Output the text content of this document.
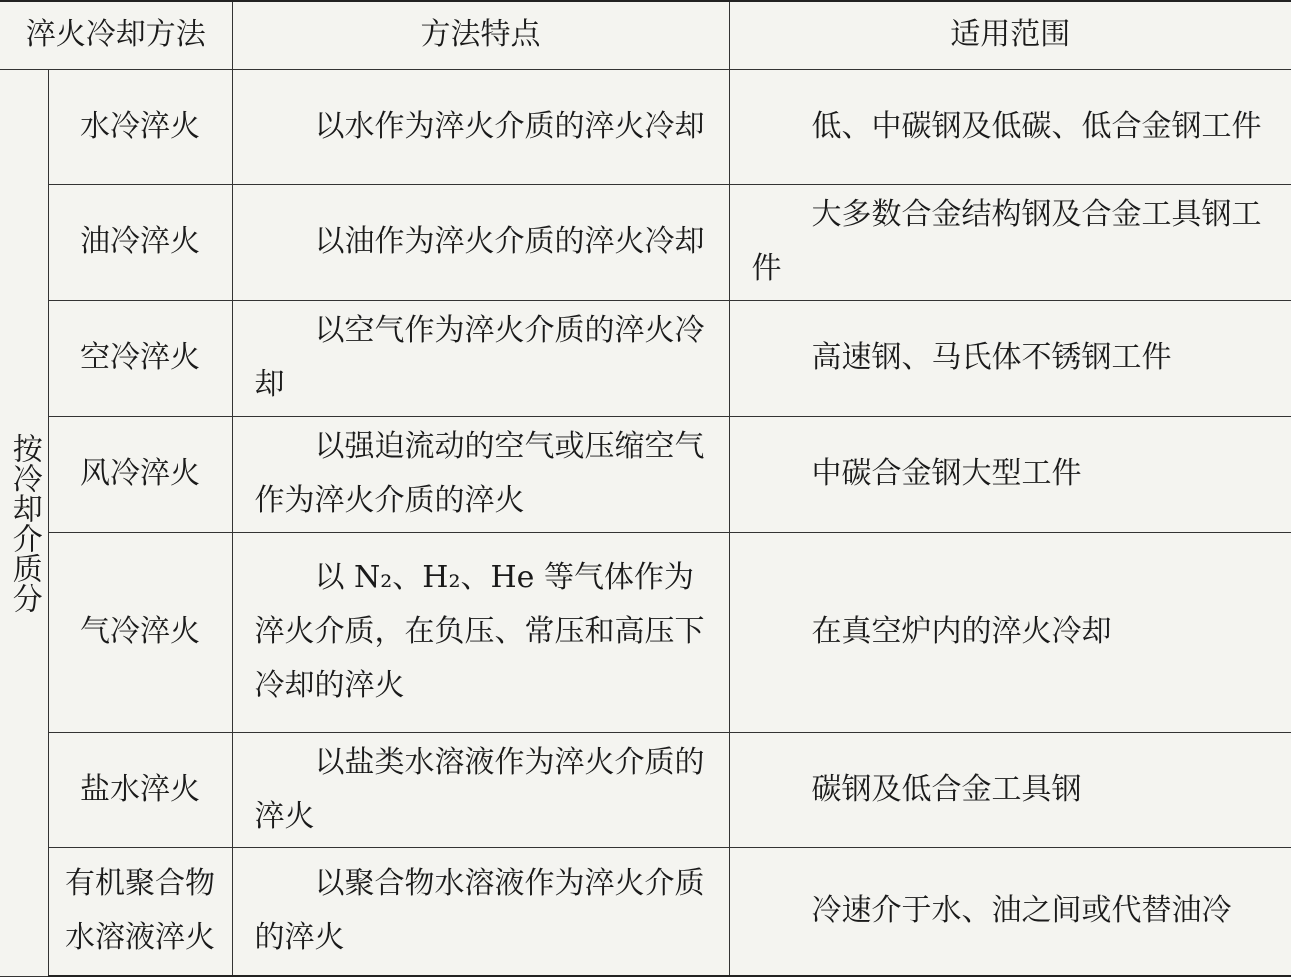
淬火冷却方法		方法特点	适用范围

按冷却介质分	水冷淬火	以水作为淬火介质的淬火冷却	低、中碳钢及低碳、低合金钢工件
	油冷淬火	以油作为淬火介质的淬火冷却	大多数合金结构钢及合金工具钢工件
	空冷淬火	以空气作为淬火介质的淬火冷却	高速钢、马氏体不锈钢工件
	风冷淬火	以强迫流动的空气或压缩空气作为淬火介质的淬火	中碳合金钢大型工件
	气冷淬火	以 N₂、H₂、He 等气体作为淬火介质，在负压、常压和高压下冷却的淬火	在真空炉内的淬火冷却
	盐水淬火	以盐类水溶液作为淬火介质的淬火	碳钢及低合金工具钢
	有机聚合物水溶液淬火	以聚合物水溶液作为淬火介质的淬火	冷速介于水、油之间或代替油冷
